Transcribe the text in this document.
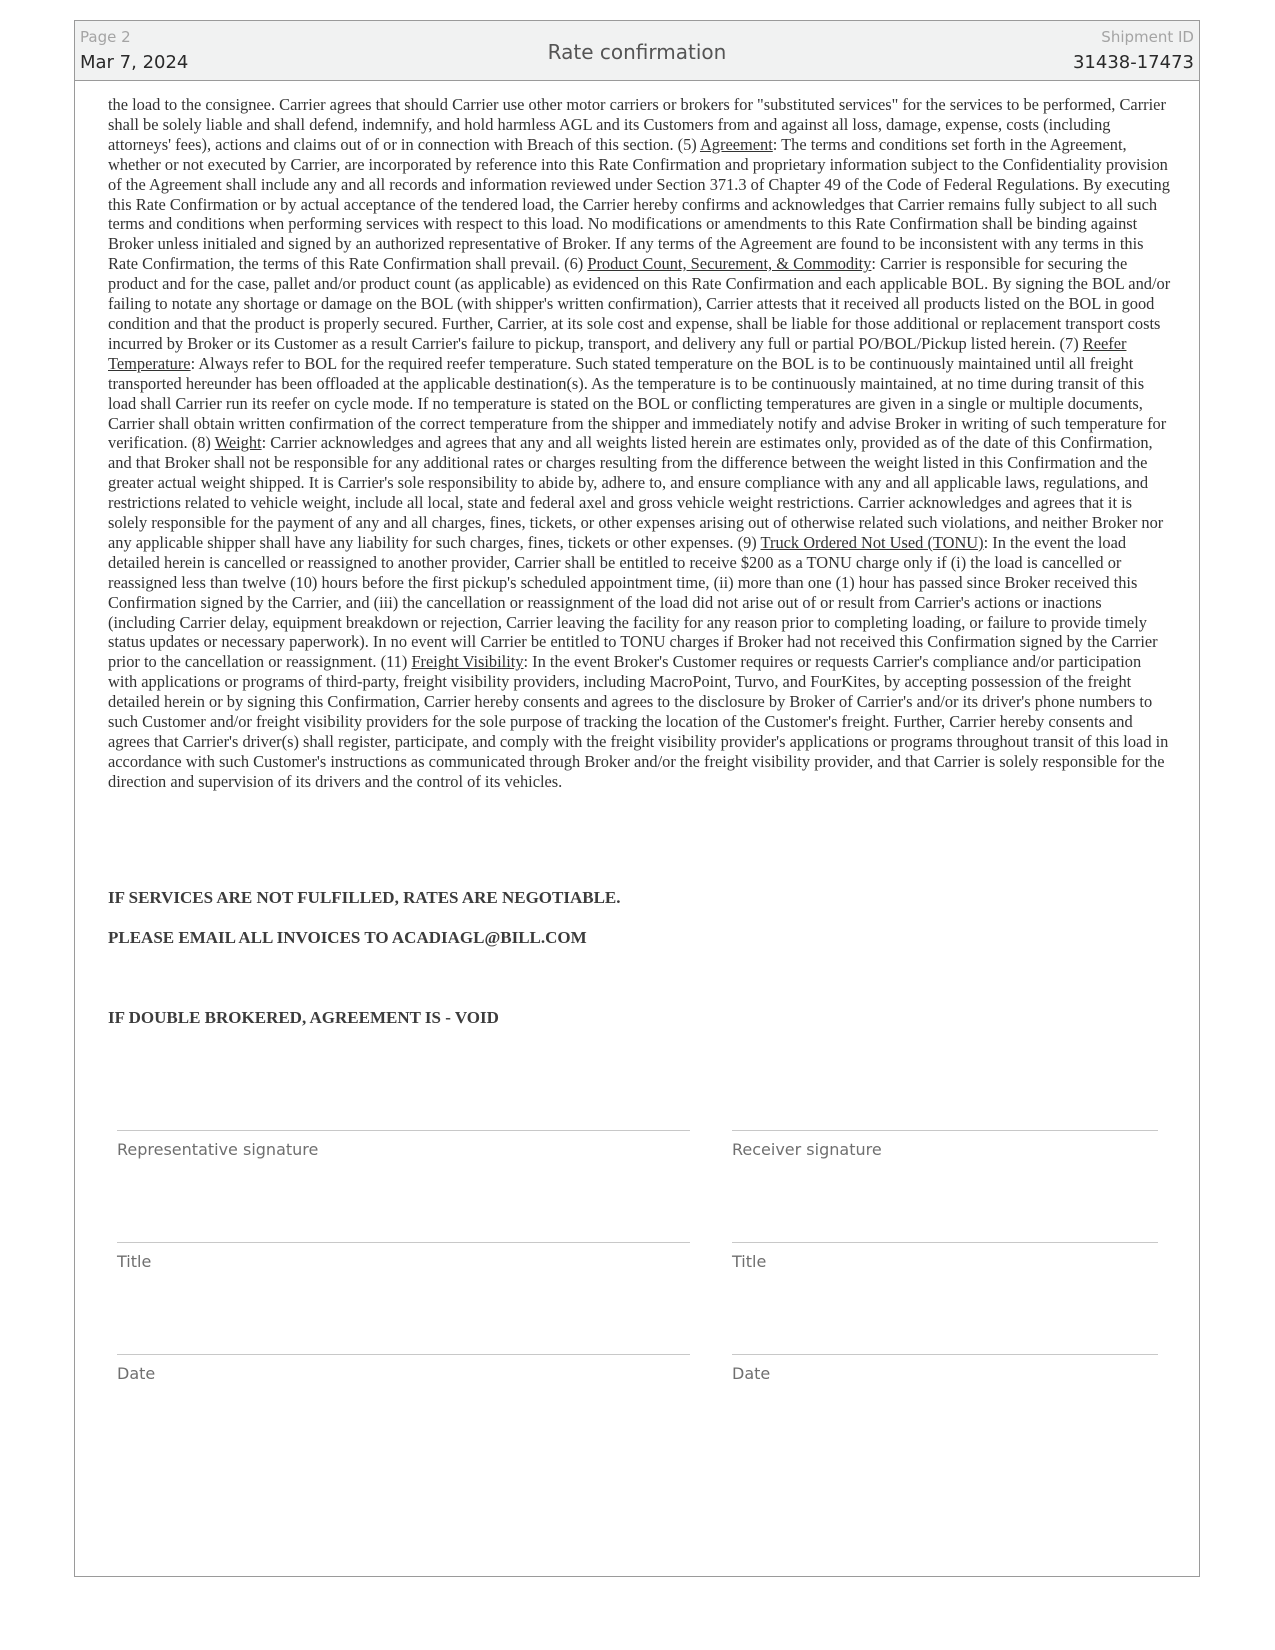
Page 2
Mar 7, 2024	Rate confirmation
Shipment ID
31438-17473

the load to the consignee. Carrier agrees that should Carrier use other motor carriers or brokers for "substituted services" for the services to be performed, Carrier shall be solely liable and shall defend, indemnify, and hold harmless AGL and its Customers from and against all loss, damage, expense, costs (including attorneys' fees), actions and claims out of or in connection with Breach of this section. (5) Agreement: The terms and conditions set forth in the Agreement, whether or not executed by Carrier, are incorporated by reference into this Rate Confirmation and proprietary information subject to the Confidentiality provision of the Agreement shall include any and all records and information reviewed under Section 371.3 of Chapter 49 of the Code of Federal Regulations. By executing this Rate Confirmation or by actual acceptance of the tendered load, the Carrier hereby confirms and acknowledges that Carrier remains fully subject to all such terms and conditions when performing services with respect to this load. No modifications or amendments to this Rate Confirmation shall be binding against Broker unless initialed and signed by an authorized representative of Broker. If any terms of the Agreement are found to be inconsistent with any terms in this Rate Confirmation, the terms of this Rate Confirmation shall prevail. (6) Product Count, Securement, & Commodity: Carrier is responsible for securing the product and for the case, pallet and/or product count (as applicable) as evidenced on this Rate Confirmation and each applicable BOL. By signing the BOL and/or failing to notate any shortage or damage on the BOL (with shipper's written confirmation), Carrier attests that it received all products listed on the BOL in good condition and that the product is properly secured. Further, Carrier, at its sole cost and expense, shall be liable for those additional or replacement transport costs incurred by Broker or its Customer as a result Carrier's failure to pickup, transport, and delivery any full or partial PO/BOL/Pickup listed herein. (7) Reefer Temperature: Always refer to BOL for the required reefer temperature. Such stated temperature on the BOL is to be continuously maintained until all freight transported hereunder has been offloaded at the applicable destination(s). As the temperature is to be continuously maintained, at no time during transit of this load shall Carrier run its reefer on cycle mode. If no temperature is stated on the BOL or conflicting temperatures are given in a single or multiple documents, Carrier shall obtain written confirmation of the correct temperature from the shipper and immediately notify and advise Broker in writing of such temperature for verification. (8) Weight: Carrier acknowledges and agrees that any and all weights listed herein are estimates only, provided as of the date of this Confirmation, and that Broker shall not be responsible for any additional rates or charges resulting from the difference between the weight listed in this Confirmation and the greater actual weight shipped. It is Carrier's sole responsibility to abide by, adhere to, and ensure compliance with any and all applicable laws, regulations, and restrictions related to vehicle weight, include all local, state and federal axel and gross vehicle weight restrictions. Carrier acknowledges and agrees that it is solely responsible for the payment of any and all charges, fines, tickets, or other expenses arising out of otherwise related such violations, and neither Broker nor any applicable shipper shall have any liability for such charges, fines, tickets or other expenses. (9) Truck Ordered Not Used (TONU): In the event the load detailed herein is cancelled or reassigned to another provider, Carrier shall be entitled to receive $200 as a TONU charge only if (i) the load is cancelled or reassigned less than twelve (10) hours before the first pickup's scheduled appointment time, (ii) more than one (1) hour has passed since Broker received this Confirmation signed by the Carrier, and (iii) the cancellation or reassignment of the load did not arise out of or result from Carrier's actions or inactions (including Carrier delay, equipment breakdown or rejection, Carrier leaving the facility for any reason prior to completing loading, or failure to provide timely status updates or necessary paperwork). In no event will Carrier be entitled to TONU charges if Broker had not received this Confirmation signed by the Carrier prior to the cancellation or reassignment. (11) Freight Visibility: In the event Broker's Customer requires or requests Carrier's compliance and/or participation with applications or programs of third-party, freight visibility providers, including MacroPoint, Turvo, and FourKites, by accepting possession of the freight detailed herein or by signing this Confirmation, Carrier hereby consents and agrees to the disclosure by Broker of Carrier's and/or its driver's phone numbers to such Customer and/or freight visibility providers for the sole purpose of tracking the location of the Customer's freight. Further, Carrier hereby consents and agrees that Carrier's driver(s) shall register, participate, and comply with the freight visibility provider's applications or programs throughout transit of this load in accordance with such Customer's instructions as communicated through Broker and/or the freight visibility provider, and that Carrier is solely responsible for the direction and supervision of its drivers and the control of its vehicles.

IF SERVICES ARE NOT FULFILLED, RATES ARE NEGOTIABLE.

PLEASE EMAIL ALL INVOICES TO ACADIAGL@BILL.COM

IF DOUBLE BROKERED, AGREEMENT IS - VOID

Representative signature
Title
Date
Receiver signature
Title
Date
